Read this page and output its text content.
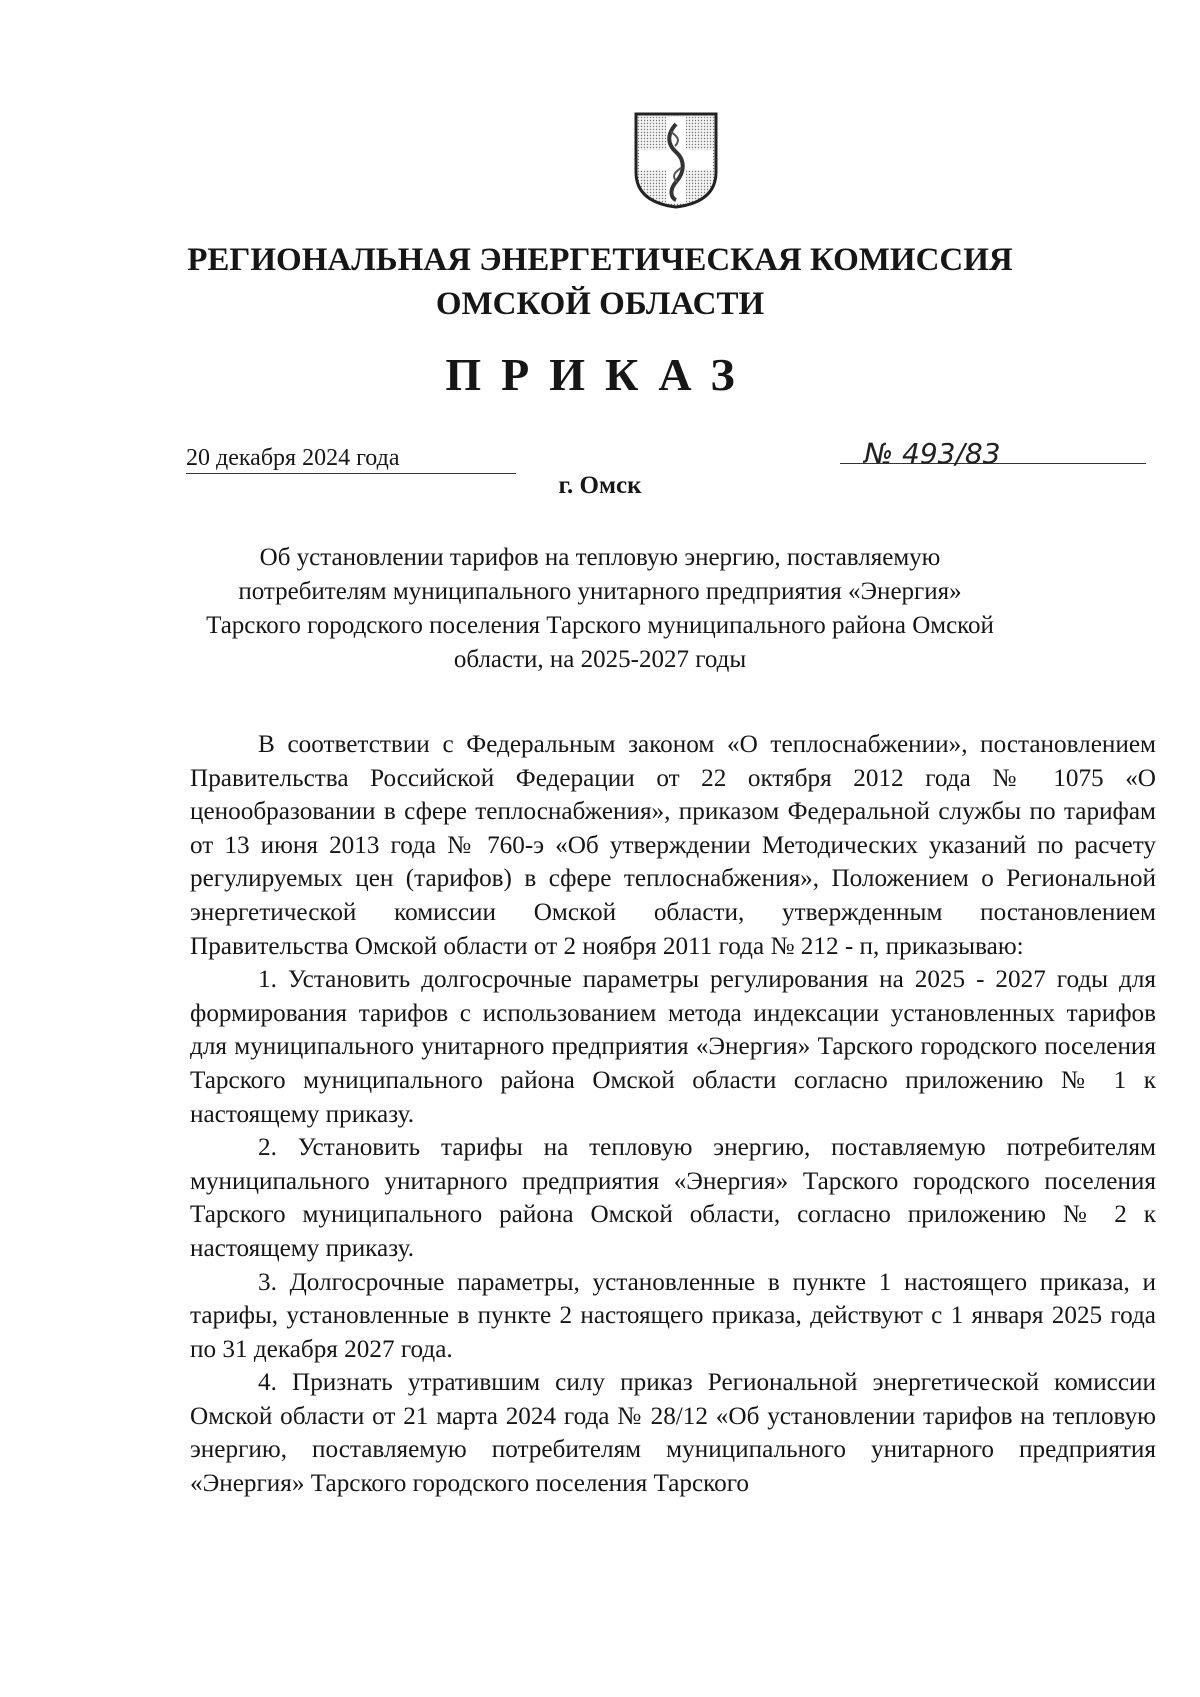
РЕГИОНАЛЬНАЯ ЭНЕРГЕТИЧЕСКАЯ КОМИССИЯ
ОМСКОЙ ОБЛАСТИ
ПРИКАЗ
20 декабря 2024 года	№ 493/83
г. Омск
Об установлении тарифов на тепловую энергию, поставляемую потребителям муниципального унитарного предприятия «Энергия» Тарского городского поселения Тарского муниципального района Омской области, на 2025-2027 годы

В соответствии с Федеральным законом «О теплоснабжении», постановлением Правительства Российской Федерации от 22 октября 2012 года № 1075 «О ценообразовании в сфере теплоснабжения», приказом Федеральной службы по тарифам от 13 июня 2013 года № 760-э «Об утверждении Методических указаний по расчету регулируемых цен (тарифов) в сфере теплоснабжения», Положением о Региональной энергетической комиссии Омской области, утвержденным постановлением Правительства Омской области от 2 ноября 2011 года № 212 - п, приказываю:

1. Установить долгосрочные параметры регулирования на 2025 - 2027 годы для формирования тарифов с использованием метода индексации установленных тарифов для муниципального унитарного предприятия «Энергия» Тарского городского поселения Тарского муниципального района Омской области согласно приложению № 1 к настоящему приказу.

2. Установить тарифы на тепловую энергию, поставляемую потребителям муниципального унитарного предприятия «Энергия» Тарского городского поселения Тарского муниципального района Омской области, согласно приложению № 2 к настоящему приказу.

3. Долгосрочные параметры, установленные в пункте 1 настоящего приказа, и тарифы, установленные в пункте 2 настоящего приказа, действуют с 1 января 2025 года по 31 декабря 2027 года.

4. Признать утратившим силу приказ Региональной энергетической комиссии Омской области от 21 марта 2024 года № 28/12 «Об установлении тарифов на тепловую энергию, поставляемую потребителям муниципального унитарного предприятия «Энергия» Тарского городского поселения Тарского
